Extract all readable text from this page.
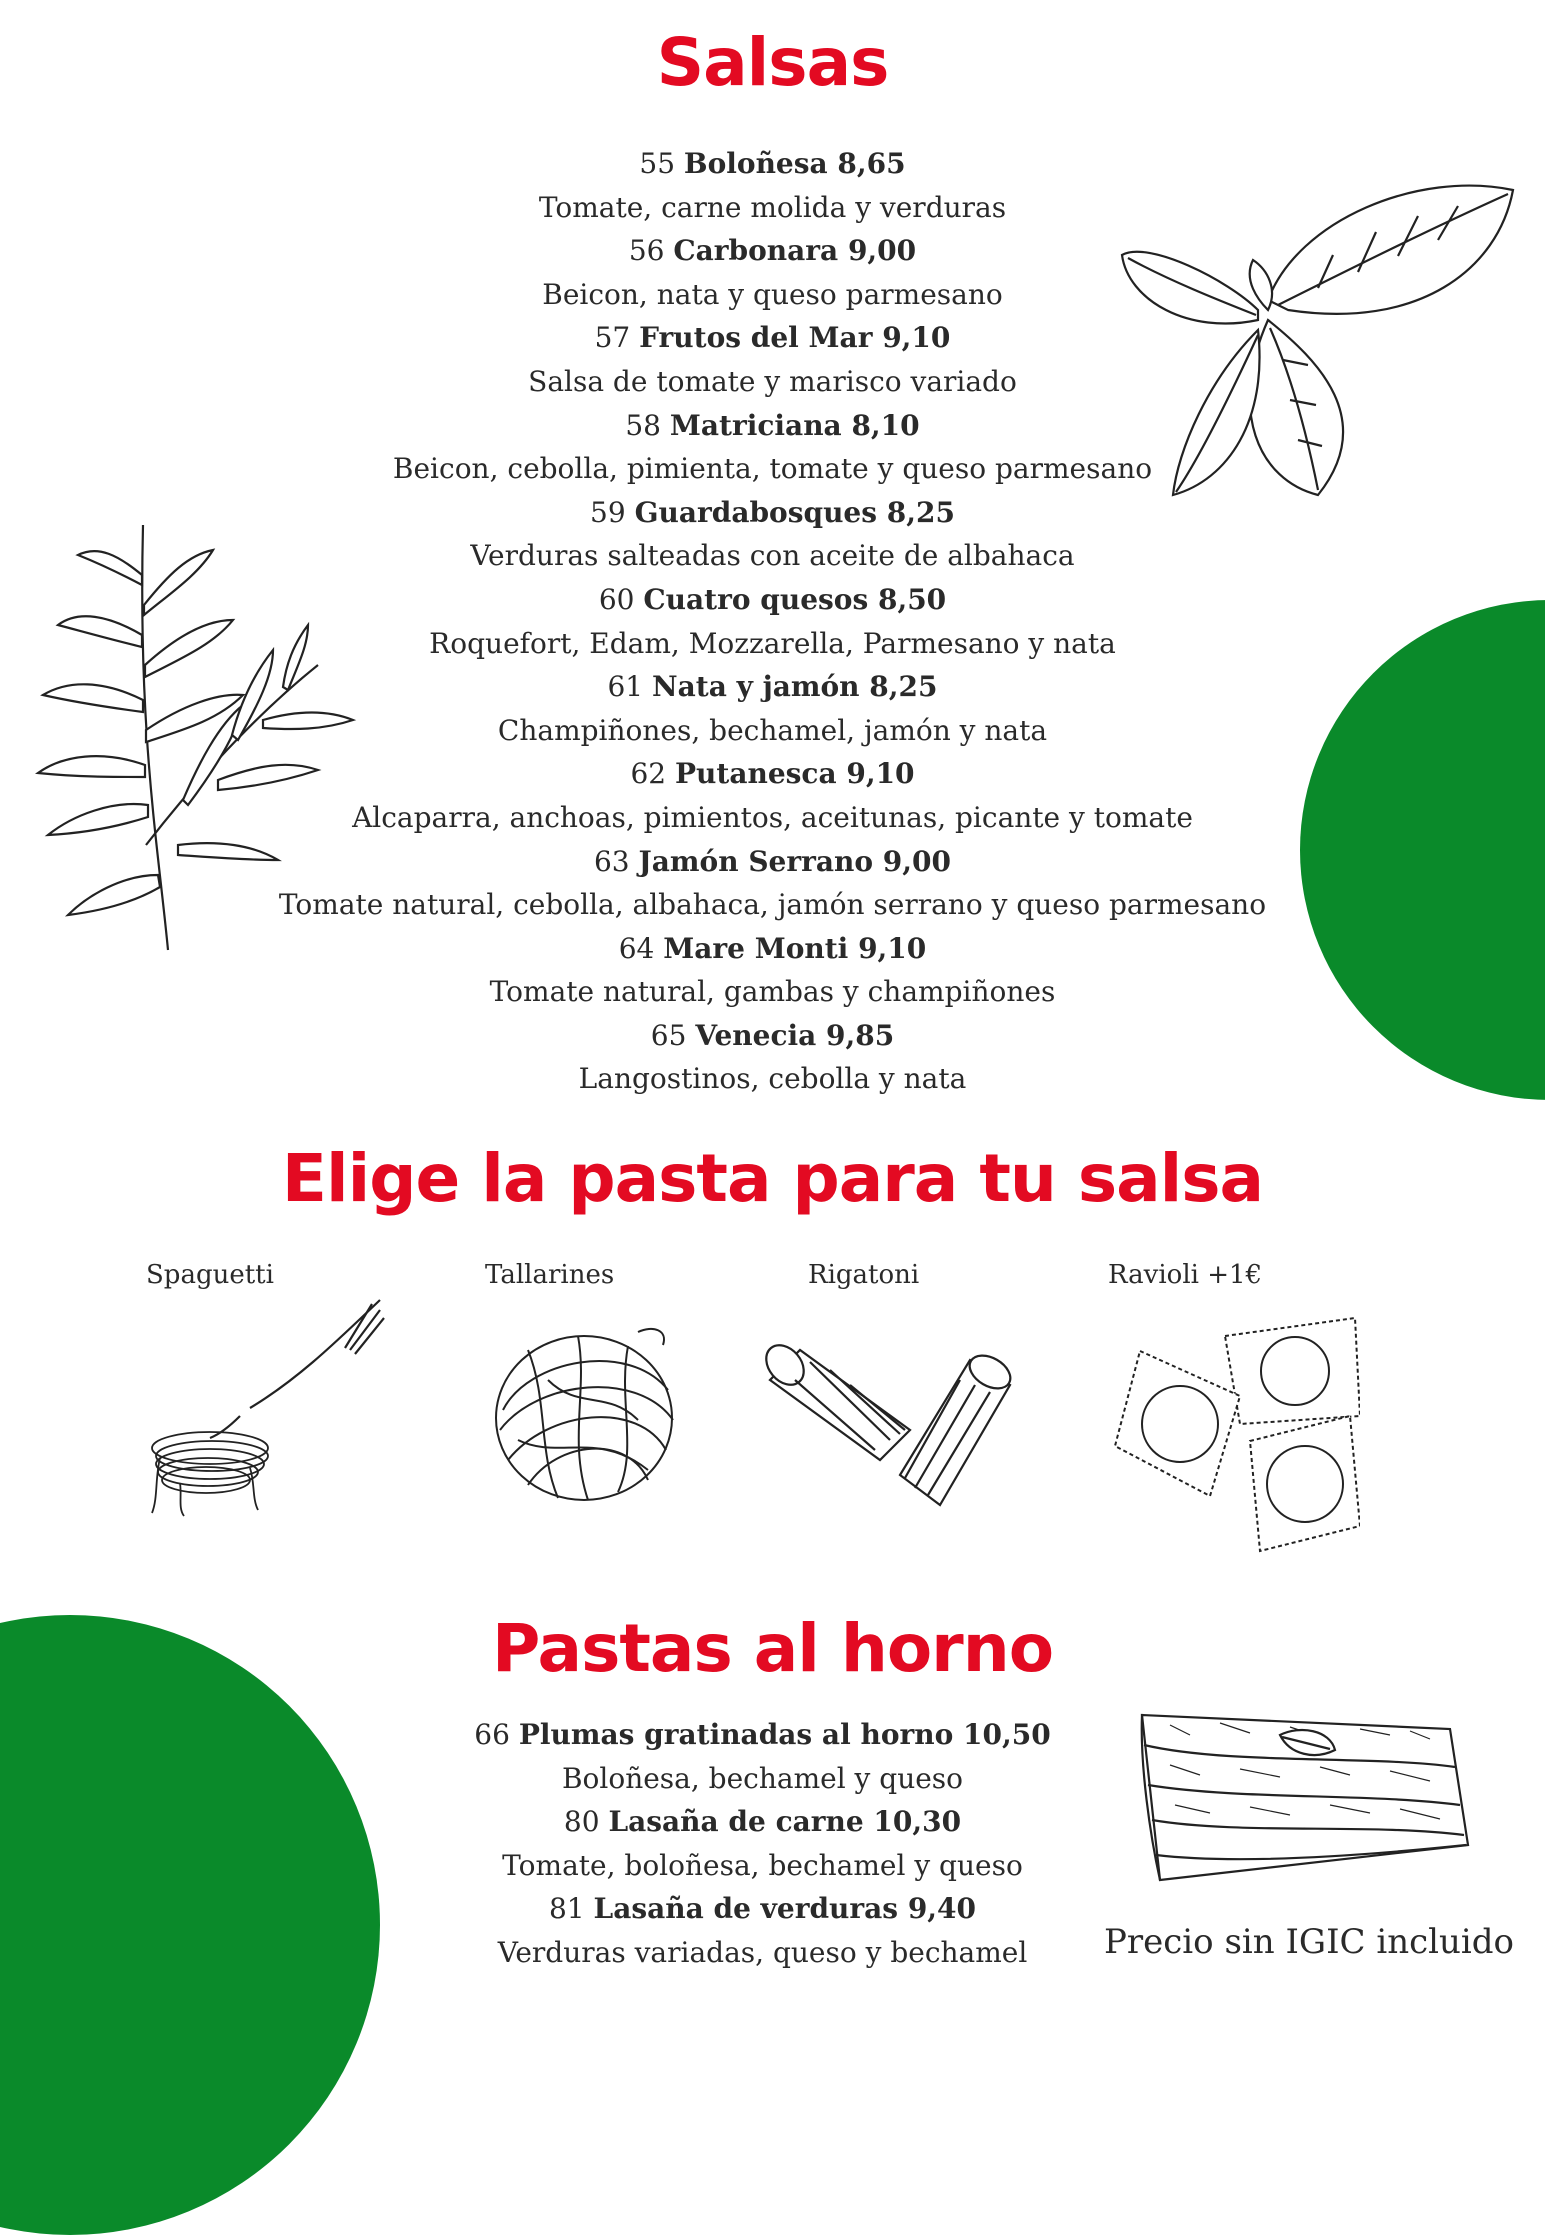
Salsas
55 Boloñesa 8,65
Tomate, carne molida y verduras
56 Carbonara 9,00
Beicon, nata y queso parmesano
57 Frutos del Mar 9,10
Salsa de tomate y marisco variado
58 Matriciana 8,10
Beicon, cebolla, pimienta, tomate y queso parmesano
59 Guardabosques 8,25
Verduras salteadas con aceite de albahaca
60 Cuatro quesos 8,50
Roquefort, Edam, Mozzarella, Parmesano y nata
61 Nata y jamón 8,25
Champiñones, bechamel, jamón y nata
62 Putanesca 9,10
Alcaparra, anchoas, pimientos, aceitunas, picante y tomate
63 Jamón Serrano 9,00
Tomate natural, cebolla, albahaca, jamón serrano y queso parmesano
64 Mare Monti 9,10
Tomate natural, gambas y champiñones
65 Venecia 9,85
Langostinos, cebolla y nata
Elige la pasta para tu salsa
Spaguetti	Tallarines	Rigatoni	Ravioli +1€
Pastas al horno
66 Plumas gratinadas al horno 10,50
Boloñesa, bechamel y queso
80 Lasaña de carne 10,30
Tomate, boloñesa, bechamel y queso
81 Lasaña de verduras 9,40
Verduras variadas, queso y bechamel	Precio sin IGIC incluido
